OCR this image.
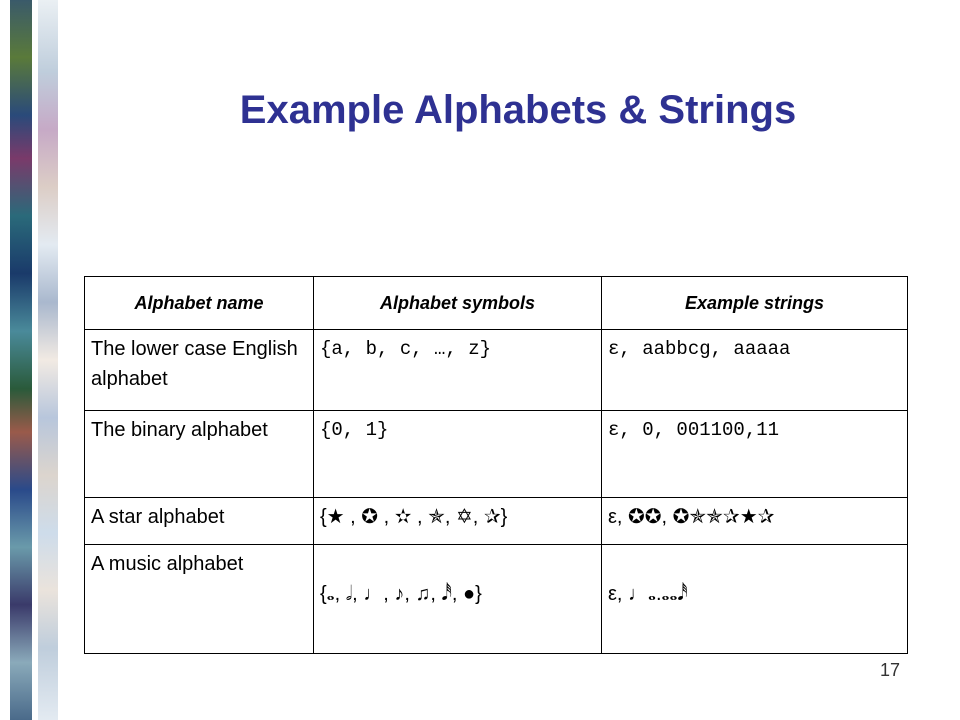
Example Alphabets & Strings
Alphabet name	Alphabet symbols	Example strings

The lower case English alphabet	{a, b, c, …, z}	ε, aabbcg, aaaaa

The binary alphabet	{0, 1}	ε, 0, 001100,11

A star alphabet	{★ , ✪ , ✫ , ✯, ✡, ✰}	ε, ✪✪, ✪✯✯✰★✰

A music alphabet	{𝅝, 𝅗𝅥, ♩, ♪, ♫, 𝅘𝅥𝅰, ●}	ε, ♩𝅝.𝅝𝅝𝅘𝅥𝅰
17
